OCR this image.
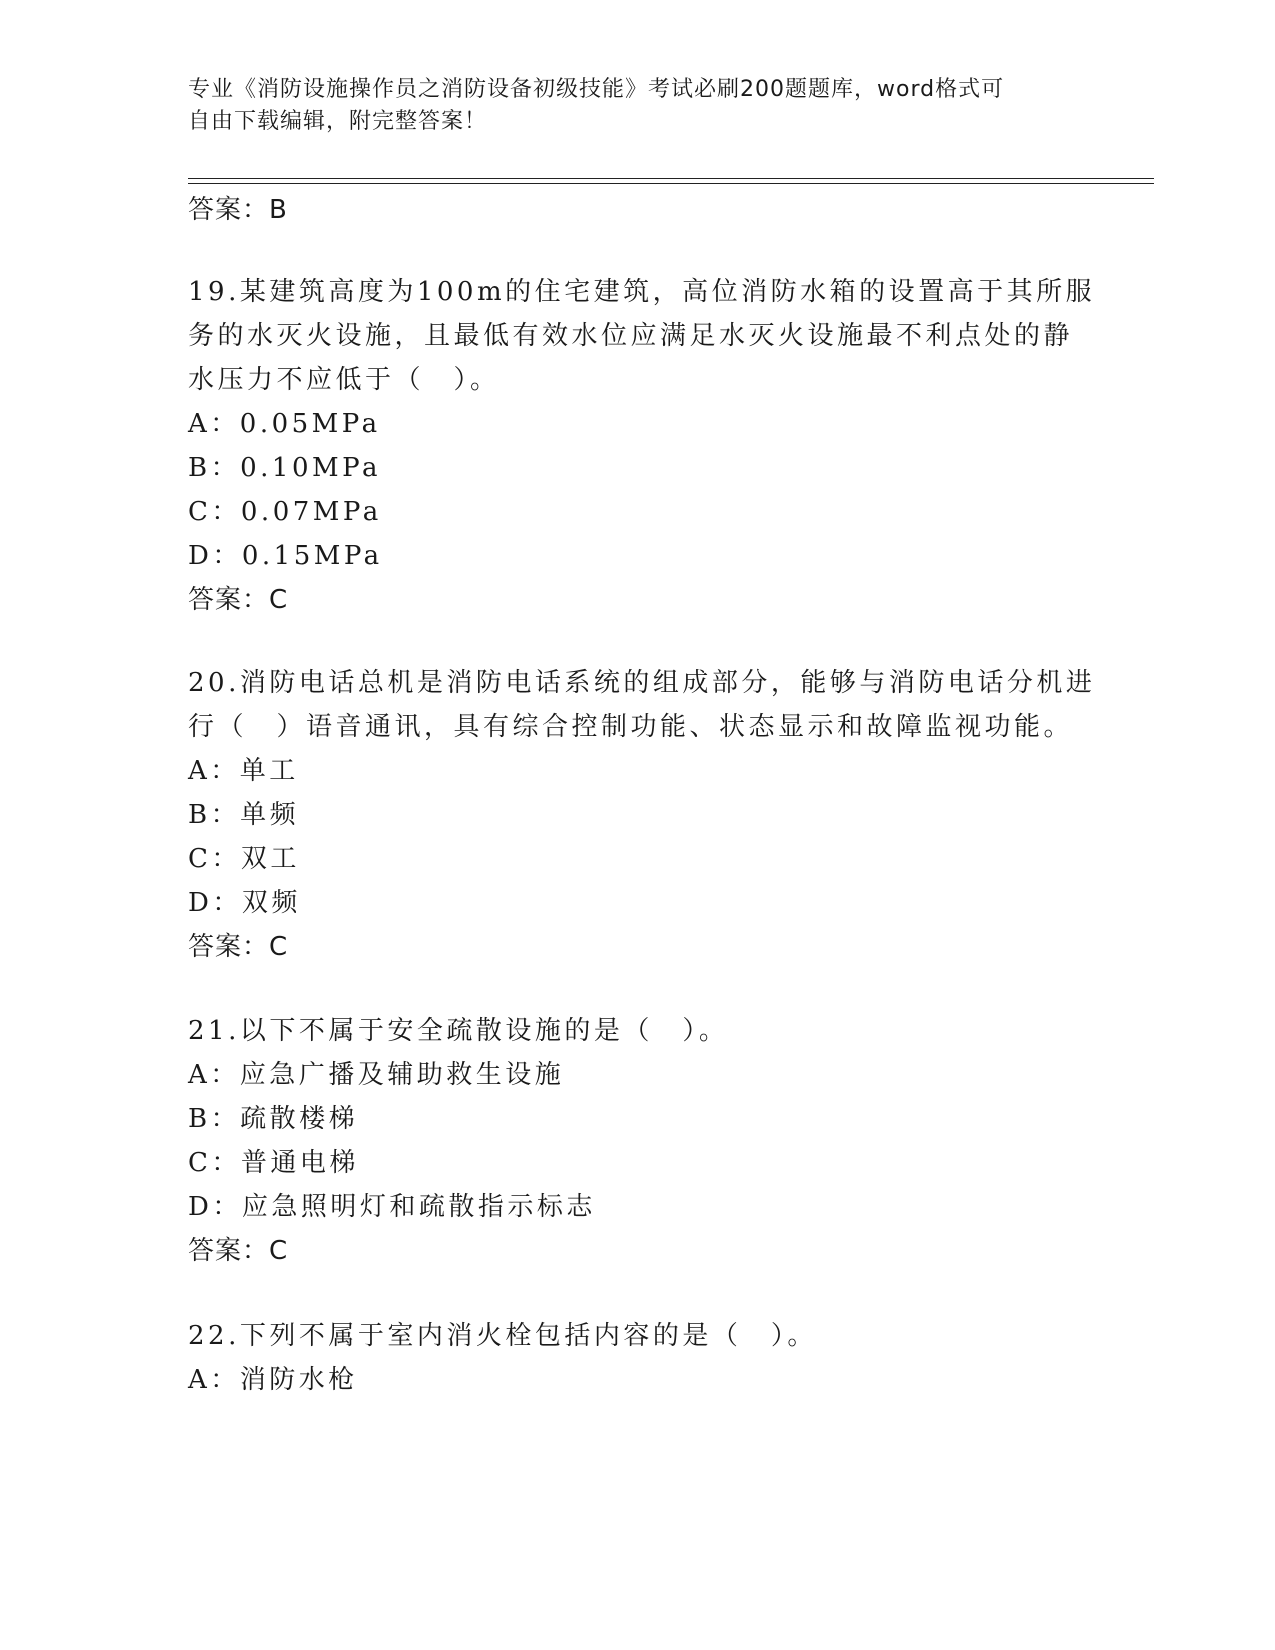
专业《消防设施操作员之消防设备初级技能》考试必刷200题题库，word格式可
自由下载编辑，附完整答案！
答案：B
19.某建筑高度为100m的住宅建筑，高位消防水箱的设置高于其所服
务的水灭火设施，且最低有效水位应满足水灭火设施最不利点处的静
水压力不应低于（　）。
A：0.05MPa
B：0.10MPa
C：0.07MPa
D：0.15MPa
答案：C
20.消防电话总机是消防电话系统的组成部分，能够与消防电话分机进
行（　）语音通讯，具有综合控制功能、状态显示和故障监视功能。
A：单工
B：单频
C：双工
D：双频
答案：C
21.以下不属于安全疏散设施的是（　）。
A：应急广播及辅助救生设施
B：疏散楼梯
C：普通电梯
D：应急照明灯和疏散指示标志
答案：C
22.下列不属于室内消火栓包括内容的是（　）。
A：消防水枪
